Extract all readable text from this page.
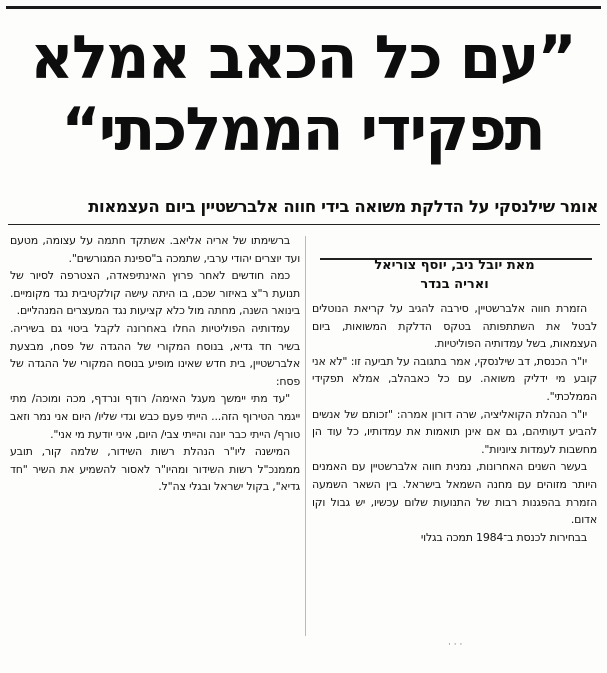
”עם כל הכאב אמלא
תפקידי הממלכתי“
אומר שילנסקי על הדלקת משואה בידי חווה אלברשטיין ביום העצמאות
מאת יובל ניב, יוסף צוריאל
ואריה בנדר

הזמרת חווה אלברשטיין, סירבה להגיב על קריאת הנוטלים לבטל את השתתפותה בטקס הדלקת המשואות, ביום העצמאות, בשל עמדותיה הפוליטיות.

יו"ר הכנסת, דב שילנסקי, אמר בתגובה על תביעה זו: "לא אני קובע מי ידליק משואה. עם כל כאבהלב, אמלא תפקידי הממלכתי".

יו"ר הנהלת הקואליציה, שרה דורון אמרה: "זכותם של אנשים להביע דעותיהם, גם אם אינן תואמות את עמדותיו, כל עוד הן מחשבות לעמדות ציוניות".

בעשר השנים האחרונות, נמנית חווה אלברשטיין עם האמנים היותר מזוהים עם מחנה השמאל בישראל. בין השאר השמעה הזמרת בהפגנות רבות של התנועות שלום עכשיו, יש גבול וקו אדום.

בבחירות לכנסת ב־1984 תמכה בגלוי

ברשימתו של אריה אליאב. אשתקד חתמה על עצומה, מטעם ועד יוצרים יהודי ערבי, שתמכה ב"ספינת המגורשים".

כמה חודשים לאחר פרוץ האינתיפאדה, הצטרפה לסיור של תנועת ר"צ באיזור שכם, בו היתה עישה קולקטיבית נגד מקומיים. בינואר השנה, מחתה מול כלא קציעות נגד המעצרים המנהליים.

עמדותיה הפוליטיות החלו באחרונה לקבל ביטוי גם בשיריה. בשיר חד גדיא, בנוסח המקורי של ההגדה של פסח, מבצעת אלברשטיין, בית חדש שאינו מופיע בנוסח המקורי של ההגדה של פסח:

"עד מתי יימשך מעגל האימה/ רודף ונרדף, מכה ומוכה/ מתי ייגמר הטירוף הזה... הייתי פעם כבש וגדי שליו/ היום אני נמר וזאב טורף/ הייתי כבר יונה והייתי צבי/ היום, איני יודעת מי אני".

המישנה ליו"ר הנהלת רשות השידור, שלמה קור, תובע מממנכ"ל רשות השידור ומהיו"ר לאסור להשמיע את השיר "חד גדיא", בקול ישראל ובגלי צה"ל.

· · ·
